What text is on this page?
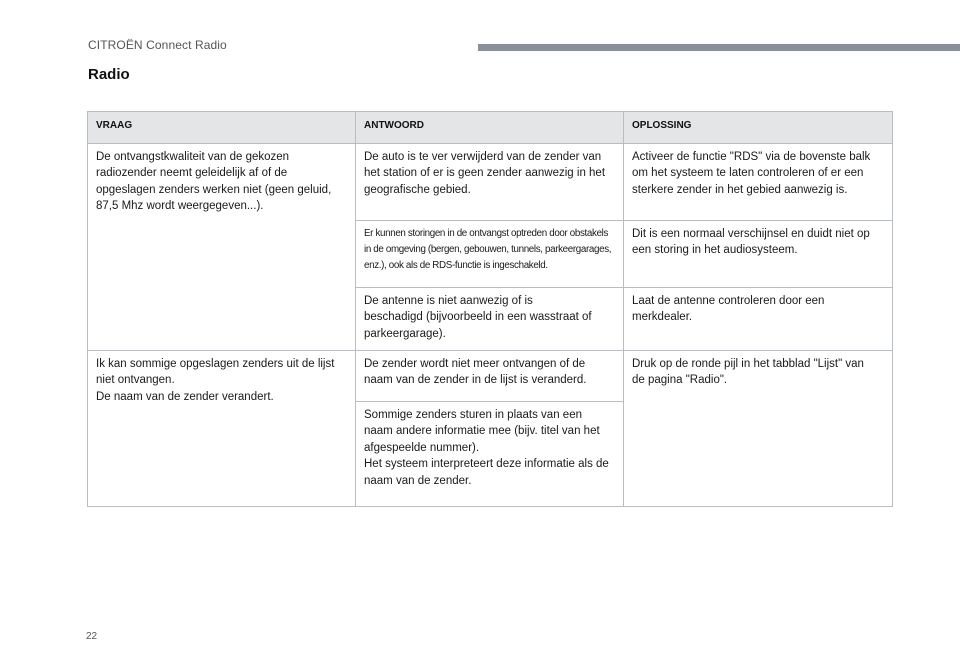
CITROËN Connect Radio
Radio
VRAAG	ANTWOORD	OPLOSSING
De ontvangstkwaliteit van de gekozen
radiozender neemt geleidelijk af of de
opgeslagen zenders werken niet (geen geluid,
87,5 Mhz wordt weergegeven...).	De auto is te ver verwijderd van de zender van
het station of er is geen zender aanwezig in het
geografische gebied.	Activeer de functie "RDS" via de bovenste balk
om het systeem te laten controleren of er een
sterkere zender in het gebied aanwezig is.
	Er kunnen storingen in de ontvangst optreden door obstakels
in de omgeving (bergen, gebouwen, tunnels, parkeergarages,
enz.), ook als de RDS-functie is ingeschakeld.	Dit is een normaal verschijnsel en duidt niet op
een storing in het audiosysteem.
	De antenne is niet aanwezig of is
beschadigd (bijvoorbeeld in een wasstraat of
parkeergarage).	Laat de antenne controleren door een
merkdealer.
Ik kan sommige opgeslagen zenders uit de lijst
niet ontvangen.
De naam van de zender verandert.	De zender wordt niet meer ontvangen of de
naam van de zender in de lijst is veranderd.	Druk op de ronde pijl in het tabblad "Lijst" van
de pagina "Radio".
	Sommige zenders sturen in plaats van een
naam andere informatie mee (bijv. titel van het
afgespeelde nummer).
Het systeem interpreteert deze informatie als de
naam van de zender.	
22
